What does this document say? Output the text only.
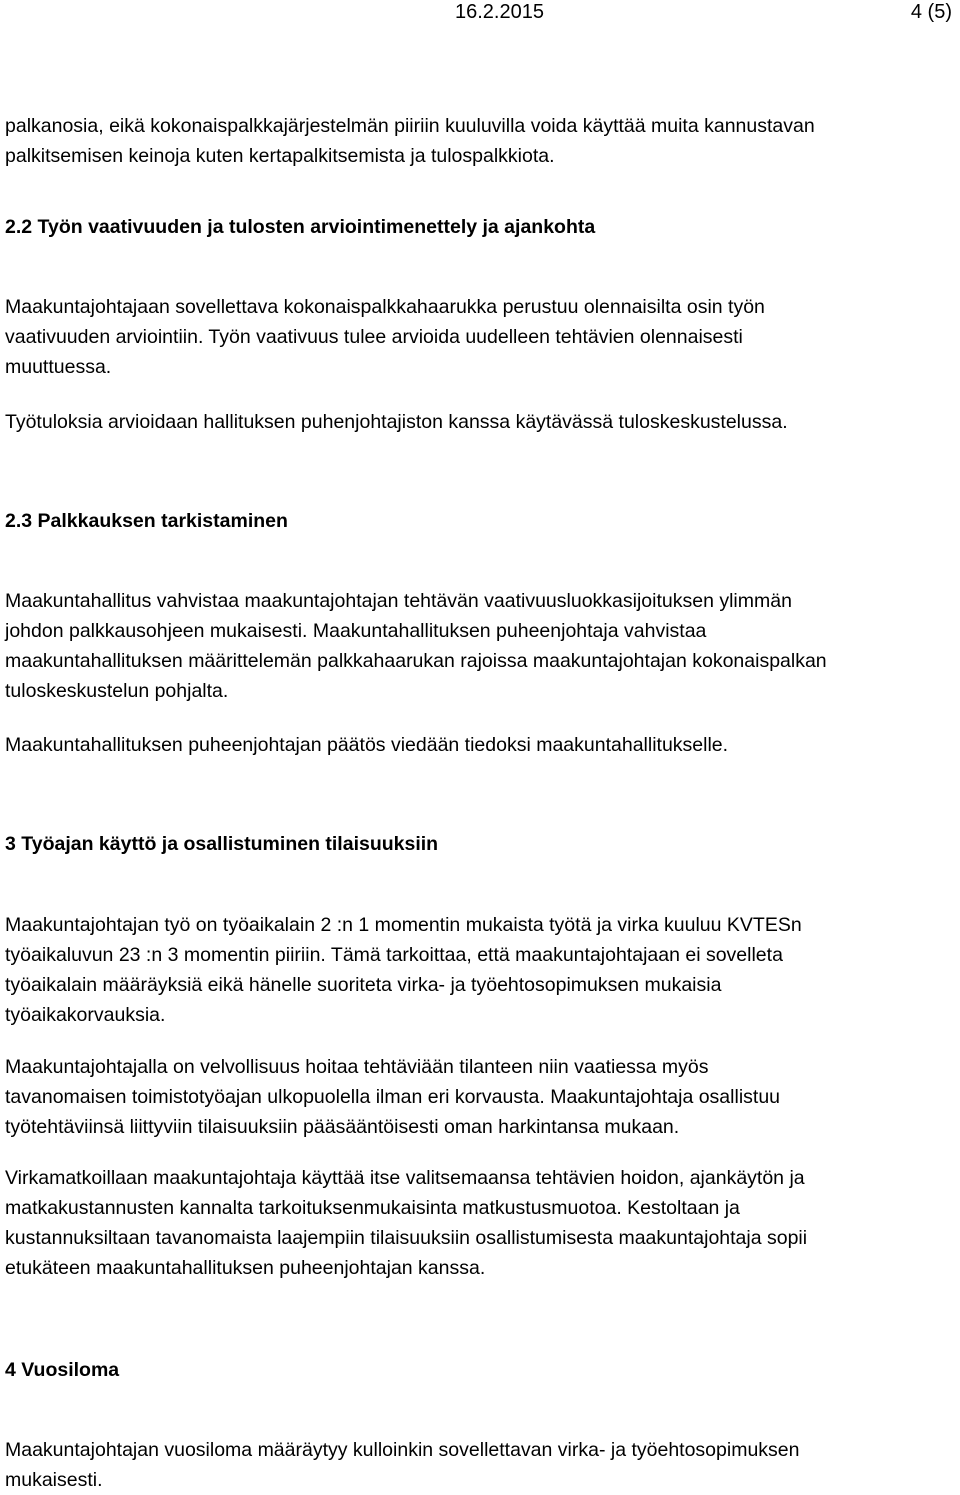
16.2.2015	4 (5)
palkanosia, eikä kokonaispalkkajärjestelmän piiriin kuuluvilla voida käyttää muita kannustavan
palkitsemisen keinoja kuten kertapalkitsemista ja tulospalkkiota.
2.2 Työn vaativuuden ja tulosten arviointimenettely ja ajankohta
Maakuntajohtajaan sovellettava kokonaispalkkahaarukka perustuu olennaisilta osin työn
vaativuuden arviointiin. Työn vaativuus tulee arvioida uudelleen tehtävien olennaisesti
muuttuessa.
Työtuloksia arvioidaan hallituksen puhenjohtajiston kanssa käytävässä tuloskeskustelussa.
2.3 Palkkauksen tarkistaminen
Maakuntahallitus vahvistaa maakuntajohtajan tehtävän vaativuusluokkasijoituksen ylimmän
johdon palkkausohjeen mukaisesti. Maakuntahallituksen puheenjohtaja vahvistaa
maakuntahallituksen määrittelemän palkkahaarukan rajoissa maakuntajohtajan kokonaispalkan
tuloskeskustelun pohjalta.
Maakuntahallituksen puheenjohtajan päätös viedään tiedoksi maakuntahallitukselle.
3 Työajan käyttö ja osallistuminen tilaisuuksiin
Maakuntajohtajan työ on työaikalain 2 :n 1 momentin mukaista työtä ja virka kuuluu KVTESn
työaikaluvun 23 :n 3 momentin piiriin. Tämä tarkoittaa, että maakuntajohtajaan ei sovelleta
työaikalain määräyksiä eikä hänelle suoriteta virka- ja työehtosopimuksen mukaisia
työaikakorvauksia.
Maakuntajohtajalla on velvollisuus hoitaa tehtäviään tilanteen niin vaatiessa myös
tavanomaisen toimistotyöajan ulkopuolella ilman eri korvausta. Maakuntajohtaja osallistuu
työtehtäviinsä liittyviin tilaisuuksiin pääsääntöisesti oman harkintansa mukaan.
Virkamatkoillaan maakuntajohtaja käyttää itse valitsemaansa tehtävien hoidon, ajankäytön ja
matkakustannusten kannalta tarkoituksenmukaisinta matkustusmuotoa. Kestoltaan ja
kustannuksiltaan tavanomaista laajempiin tilaisuuksiin osallistumisesta maakuntajohtaja sopii
etukäteen maakuntahallituksen puheenjohtajan kanssa.
4 Vuosiloma
Maakuntajohtajan vuosiloma määräytyy kulloinkin sovellettavan virka- ja työehtosopimuksen
mukaisesti.
